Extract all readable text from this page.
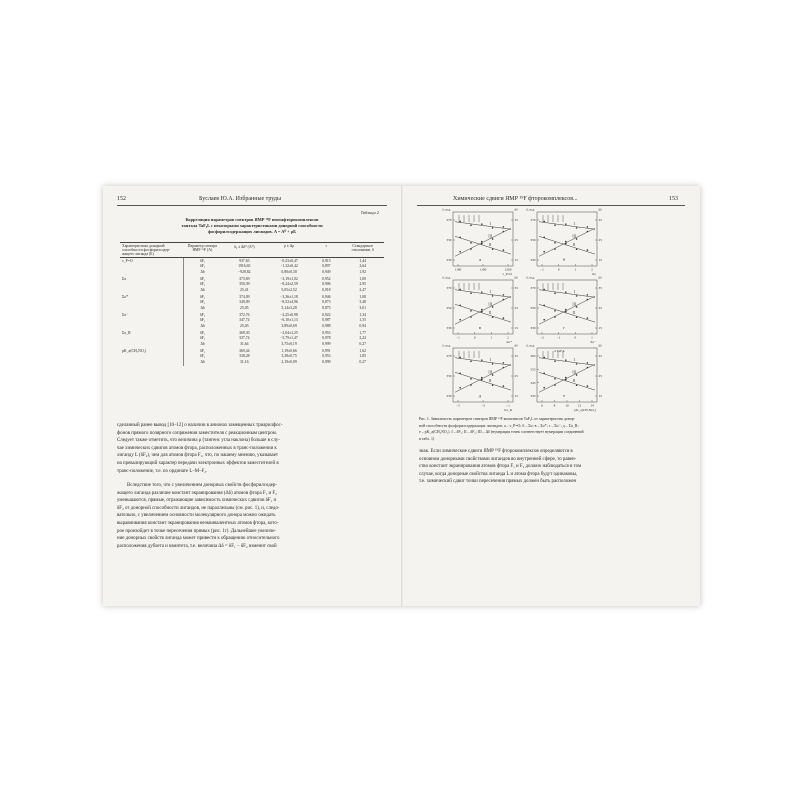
152	Буслаев Ю.А. Избранные труды
Таблица 2
Корреляция параметров спектров ЯМР ¹⁹F пентафторокомплексов
тантала TaF₅L с некоторыми характеристиками донорной способности
фосфорилсодержащих лигандов. A = A⁰ + ρБ
Характеристика донорной способности фосфорилсодержащего лиганда (Б)	Параметр спектра ЯМР ¹⁹F (A)	δ₀ ± Δδ⁰ (A⁰)	ρ ± Δρ	r	Стандартное отклонение, δ
ν_P=O	δF₁	937,63	−0,23±0,47	0,915	1,44
	δF₂	1916,65	−1,32±0,42	0,897	2,64
	Δδ	−928,82	0,80±0,30	0,949	1,92
Σσ	δF₁	373,69	−3,19±1,02	0,952	1,00
	δF₂	350,39	−8,24±2,59	0,906	2,95
	Δδ	25,41	5,05±2,52	0,918	2,47
Σσ*	δF₁	374,09	−3,36±1,18	0,946	1,08
	δF₂	349,09	−8,52±4,96	0,873	3,48
	Δδ	25,05	5,14±3,28	0,875	3,01
Σσ⁻	δF₁	372,76	−2,25±0,98	0,922	1,34
	δF₂	347,74	−6,10±1,13	0,987	1,55
	Δδ	25,03	3,89±0,69	0,988	0,94
Σσ_R	δF₁	369,30	−2,04±1,25	0,953	1,77
	δF₂	337,74	−5,79±1,47	0,978	2,22
	Δδ	31,64	3,75±0,19	0,999	0,27
pK_a(CH₃NO₂)	δF₁	369,44	1,19±0,66	0,991	1,62
	δF₂	338,28	3,38±0,75	0,953	1,85
	Δδ	31,16	2,19±0,09	0,999	0,27
сделанный ранее вывод [10–12] о наличии в анионах замещенных триарилфос-
фонов прямого полярного сопряжения заместителя с реакционным центром.
Следует также отметить, что величина ρ (тангенс угла наклона) больше в слу-
чае химических сдвигов атомов фтора, расположенных в транс-положении к
лиганду L (δF₂), чем для атомов фтора F₁, что, по нашему мнению, указывает
на превалирующий характер передачи электронных эффектов заместителей в
транс-положение, т.е. по ординате L–M–F₂.
Вследствие того, что с увеличением донорных свойств фосфорилсодер-
жащего лиганда различие констант экранирования (Δδ) атомов фтора F₁ и F₂
уменьшаются, прямые, отражающие зависимость химических сдвигов δF₁ и
δF₂ от донорной способности лигандов, не параллельны (см. рис. 1), и, следо-
вательно, с увеличением основности молекулярного донора можно ожидать
выравнивания констант экранирования неэквивалентных атомов фтора, кото-
рое произойдет в точке пересечения прямых (рис. 1г). Дальнейшее увеличе-
ние донорных свойств лиганда может привести к обращению относительного
расположения дублета и квинтета, т.е. величина Δδ = δF₁ − δF₂ изменит свой
Химические сдвиги ЯМР ¹⁹F фторокомплексов...	153
δ, м.д.	Δδ
370
350
330
35
25
15
1180	1190	1200
ν_P=O
а
I
II
III
δ, м.д.	Δδ
370
350
330
35
25
15
−1	0	1	2
Σσ
б
I
II
III
δ, м.д.	Δδ
370
350
330
35
25
15
−1	0	1	2
Σσ*
в
I
II
III
δ, м.д.	Δδ
370
350
330
35
25
15
−2	−1	0	1
Σσ⁻
г
I
II
III
δ, м.д.	Δδ
370
350
330
35
25
15
−5	−3	−1
Σσ_R
д
I
II
III
δ, м.д.	Δδ
δ TaF₅L
365
355
345
335
35
25
15
6	8	10	12	14
pK_a(CH₃NO₂)
е
I
II
III
Рис. 1. Зависимость параметров спектров ЯМР ¹⁹F комплексов TaF₅L от характеристик донор-
ной способности фосфорилсодержащих лигандов: а – ν_P=O; б – Σσ; в – Σσ*; г – Σσ⁻; д – Σσ_R;
е – pK_a(CH₃NO₂). I – δF₁; II – δF₂; III – Δδ (нумерация точек соответствует нумерации соединений
в табл. 1)
знак. Если химические сдвиги ЯМР ¹⁹F фторокомплексов определяются в
основном донорными свойствами лигандов во внутренней сфере, то равен-
ство констант экранирования атомов фтора F₁ и F₂ должно наблюдаться в том
случае, когда донорные свойства лиганда L и атома фтора будут одинаковы,
т.е. химический сдвиг точки пересечения прямых должен быть расположен
